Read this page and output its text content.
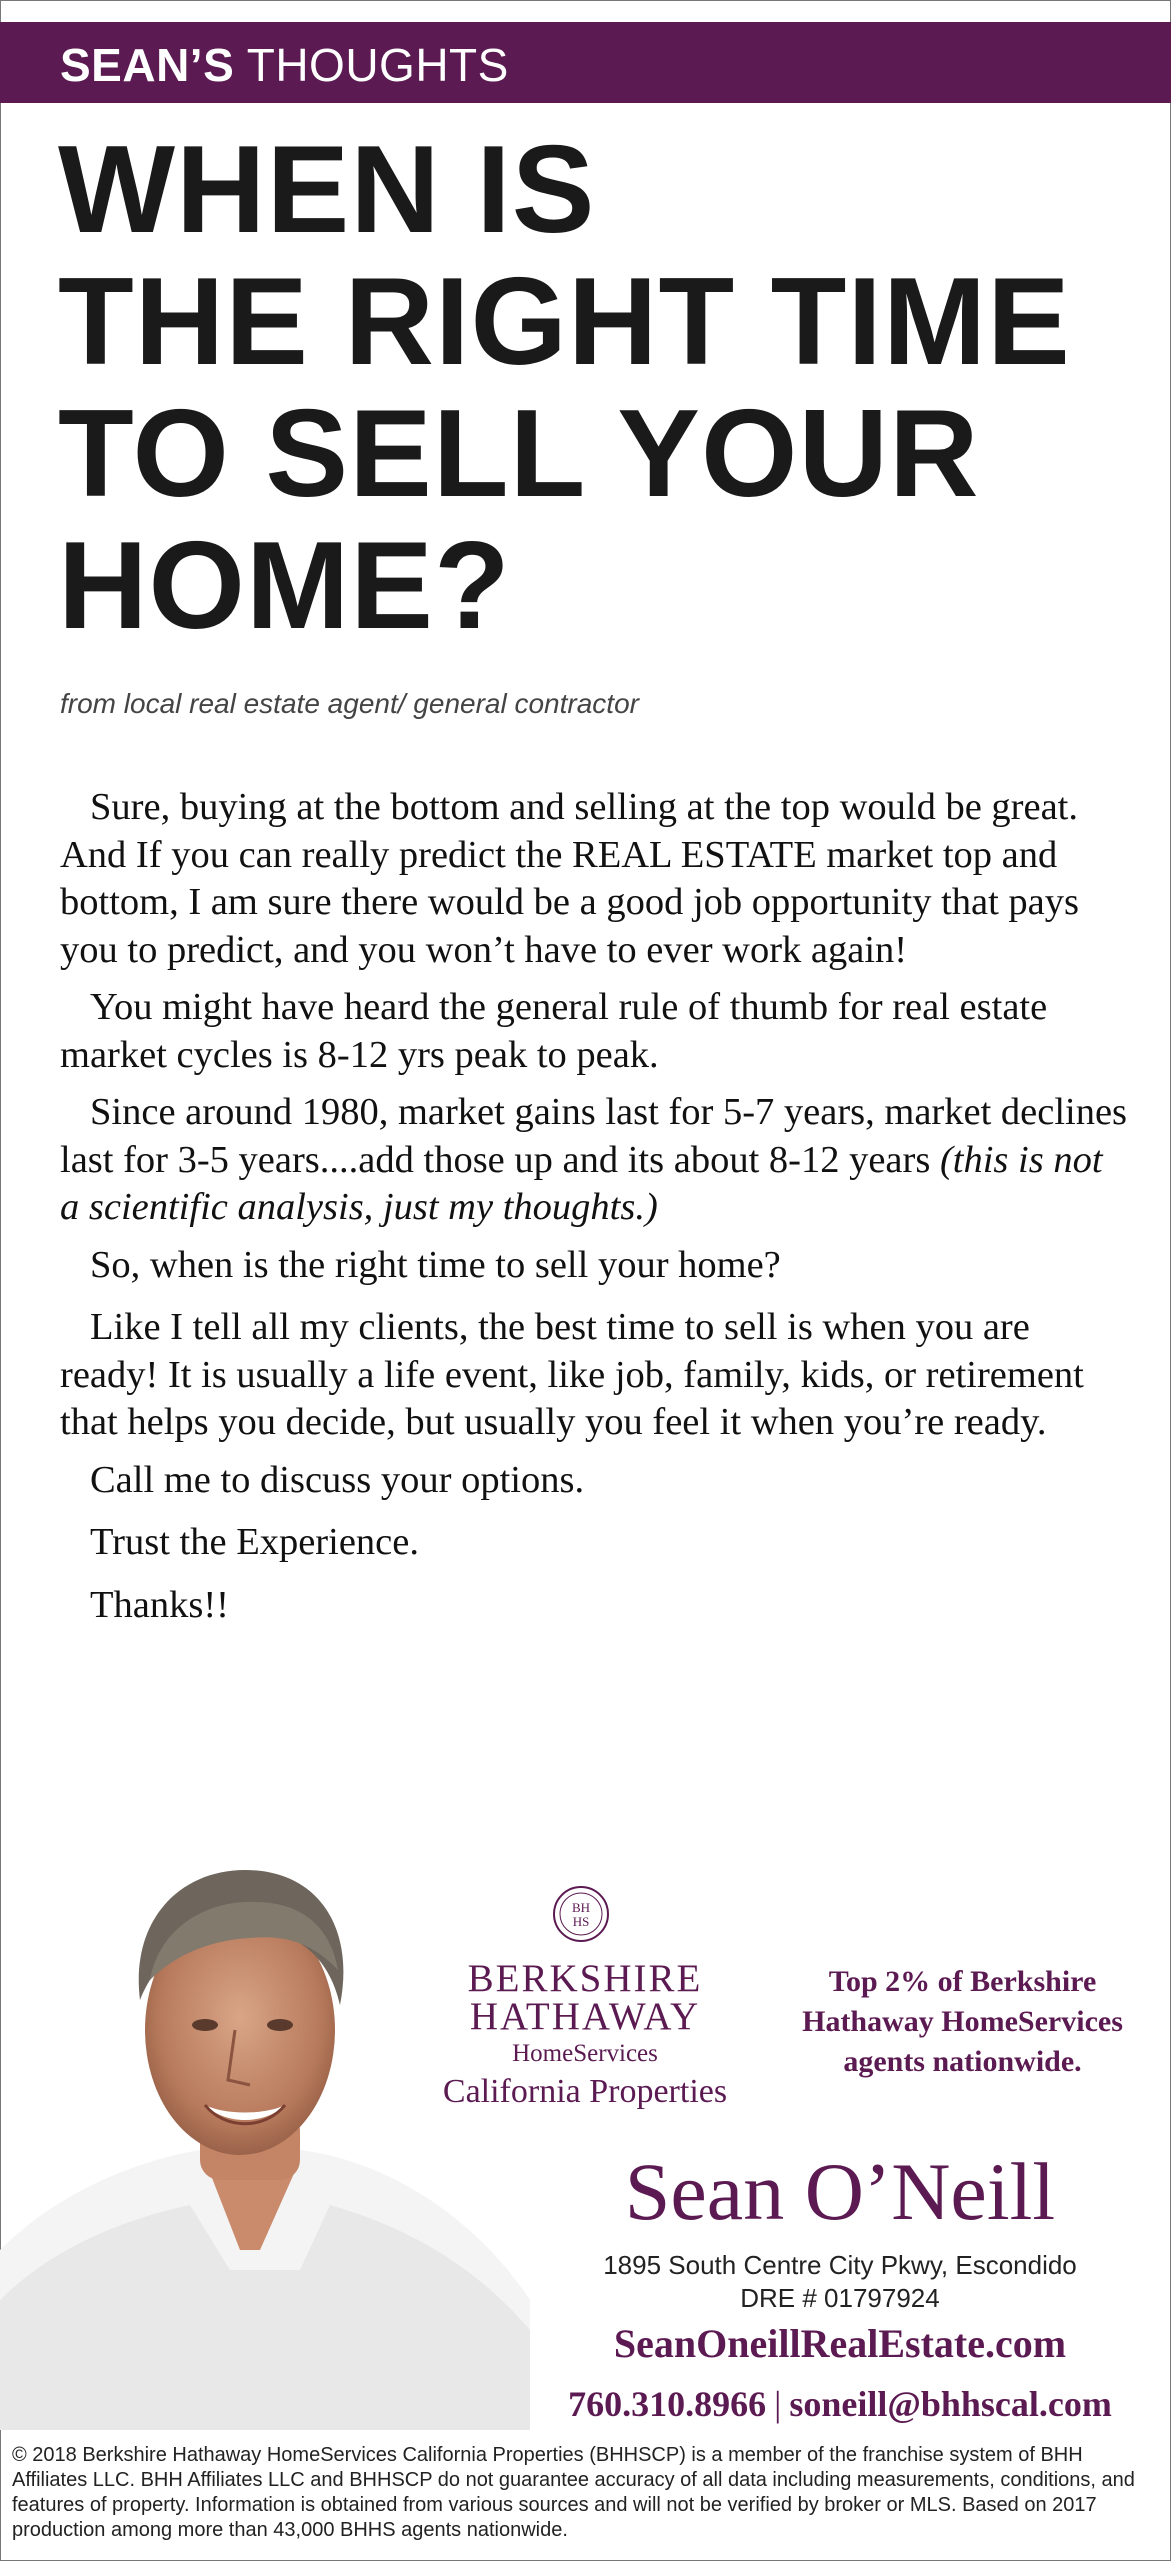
SEAN’S THOUGHTS
WHEN IS
THE RIGHT TIME
TO SELL YOUR
HOME?
from local real estate agent/ general contractor

Sure, buying at the bottom and selling at the top would be great. And If you can really predict the REAL ESTATE market top and bottom, I am sure there would be a good job opportunity that pays you to predict, and you won’t have to ever work again!

You might have heard the general rule of thumb for real estate market cycles is 8-12 yrs peak to peak.

Since around 1980, market gains last for 5-7 years, market declines last for 3-5 years....add those up and its about 8-12 years (this is not a scientific analysis, just my thoughts.)

So, when is the right time to sell your home?

Like I tell all my clients, the best time to sell is when you are ready! It is usually a life event, like job, family, kids, or retirement that helps you decide, but usually you feel it when you’re ready.

Call me to discuss your options.

Trust the Experience.

Thanks!!

BH
HS
BERKSHIRE
HATHAWAY
HomeServices
California Properties
Top 2% of Berkshire
Hathaway HomeServices
agents nationwide.
Sean O’Neill
1895 South Centre City Pkwy, Escondido
DRE # 01797924
SeanOneillRealEstate.com
760.310.8966 | soneill@bhhscal.com
© 2018 Berkshire Hathaway HomeServices California Properties (BHHSCP) is a member of the franchise system of BHH Affiliates LLC. BHH Affiliates LLC and BHHSCP do not guarantee accuracy of all data including measurements, conditions, and features of property. Information is obtained from various sources and will not be verified by broker or MLS. Based on 2017 production among more than 43,000 BHHS agents nationwide.
